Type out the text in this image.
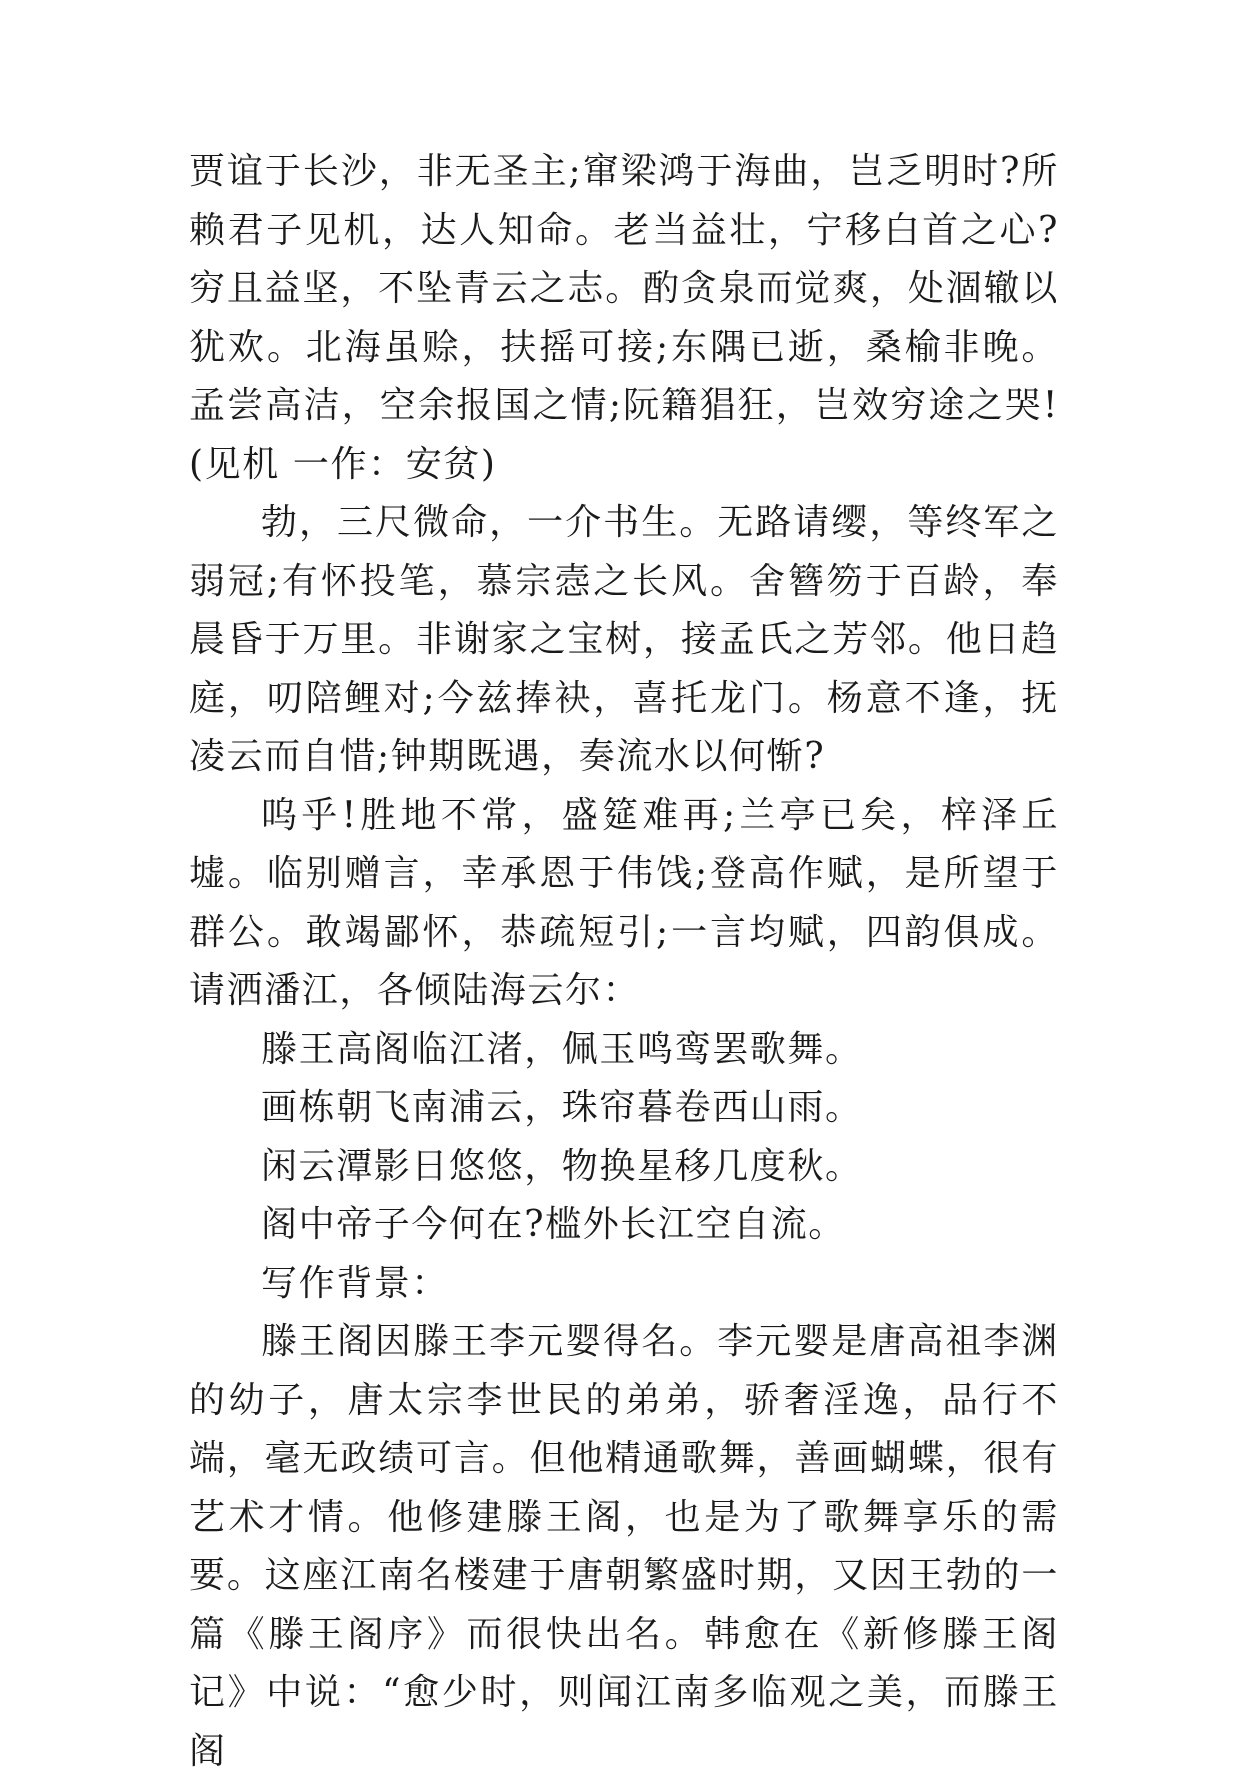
贾谊于长沙，非无圣主;窜梁鸿于海曲，岂乏明时?所赖君子见机，达人知命。老当益壮，宁移白首之心?穷且益坚，不坠青云之志。酌贪泉而觉爽，处涸辙以犹欢。北海虽赊，扶摇可接;东隅已逝，桑榆非晚。孟尝高洁，空余报国之情;阮籍猖狂，岂效穷途之哭!(见机 一作：安贫)

勃，三尺微命，一介书生。无路请缨，等终军之弱冠;有怀投笔，慕宗悫之长风。舍簪笏于百龄，奉晨昏于万里。非谢家之宝树，接孟氏之芳邻。他日趋庭，叨陪鲤对;今兹捧袂，喜托龙门。杨意不逢，抚凌云而自惜;钟期既遇，奏流水以何惭?

呜乎!胜地不常，盛筵难再;兰亭已矣，梓泽丘墟。临别赠言，幸承恩于伟饯;登高作赋，是所望于群公。敢竭鄙怀，恭疏短引;一言均赋，四韵俱成。请洒潘江，各倾陆海云尔：

滕王高阁临江渚，佩玉鸣鸾罢歌舞。

画栋朝飞南浦云，珠帘暮卷西山雨。

闲云潭影日悠悠，物换星移几度秋。

阁中帝子今何在?槛外长江空自流。

写作背景：

滕王阁因滕王李元婴得名。李元婴是唐高祖李渊的幼子，唐太宗李世民的弟弟，骄奢淫逸，品行不端，毫无政绩可言。但他精通歌舞，善画蝴蝶，很有艺术才情。他修建滕王阁，也是为了歌舞享乐的需要。这座江南名楼建于唐朝繁盛时期，又因王勃的一篇《滕王阁序》而很快出名。韩愈在《新修滕王阁记》中说：“愈少时，则闻江南多临观之美，而滕王阁
